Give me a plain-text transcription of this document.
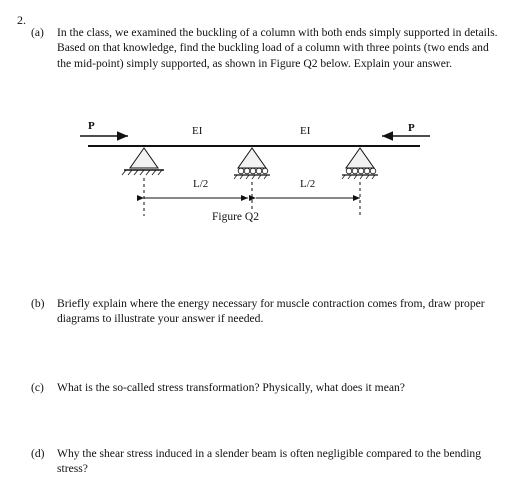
2.
(a) In the class, we examined the buckling of a column with both ends simply supported in details. Based on that knowledge, find the buckling load of a column with three points (two ends and the mid-point) simply supported, as shown in Figure Q2 below. Explain your answer.
P	P
EI	EI
L/2	L/2
Figure Q2
(b) Briefly explain where the energy necessary for muscle contraction comes from, draw proper diagrams to illustrate your answer if needed.
(c) What is the so-called stress transformation? Physically, what does it mean?
(d) Why the shear stress induced in a slender beam is often negligible compared to the bending stress?
